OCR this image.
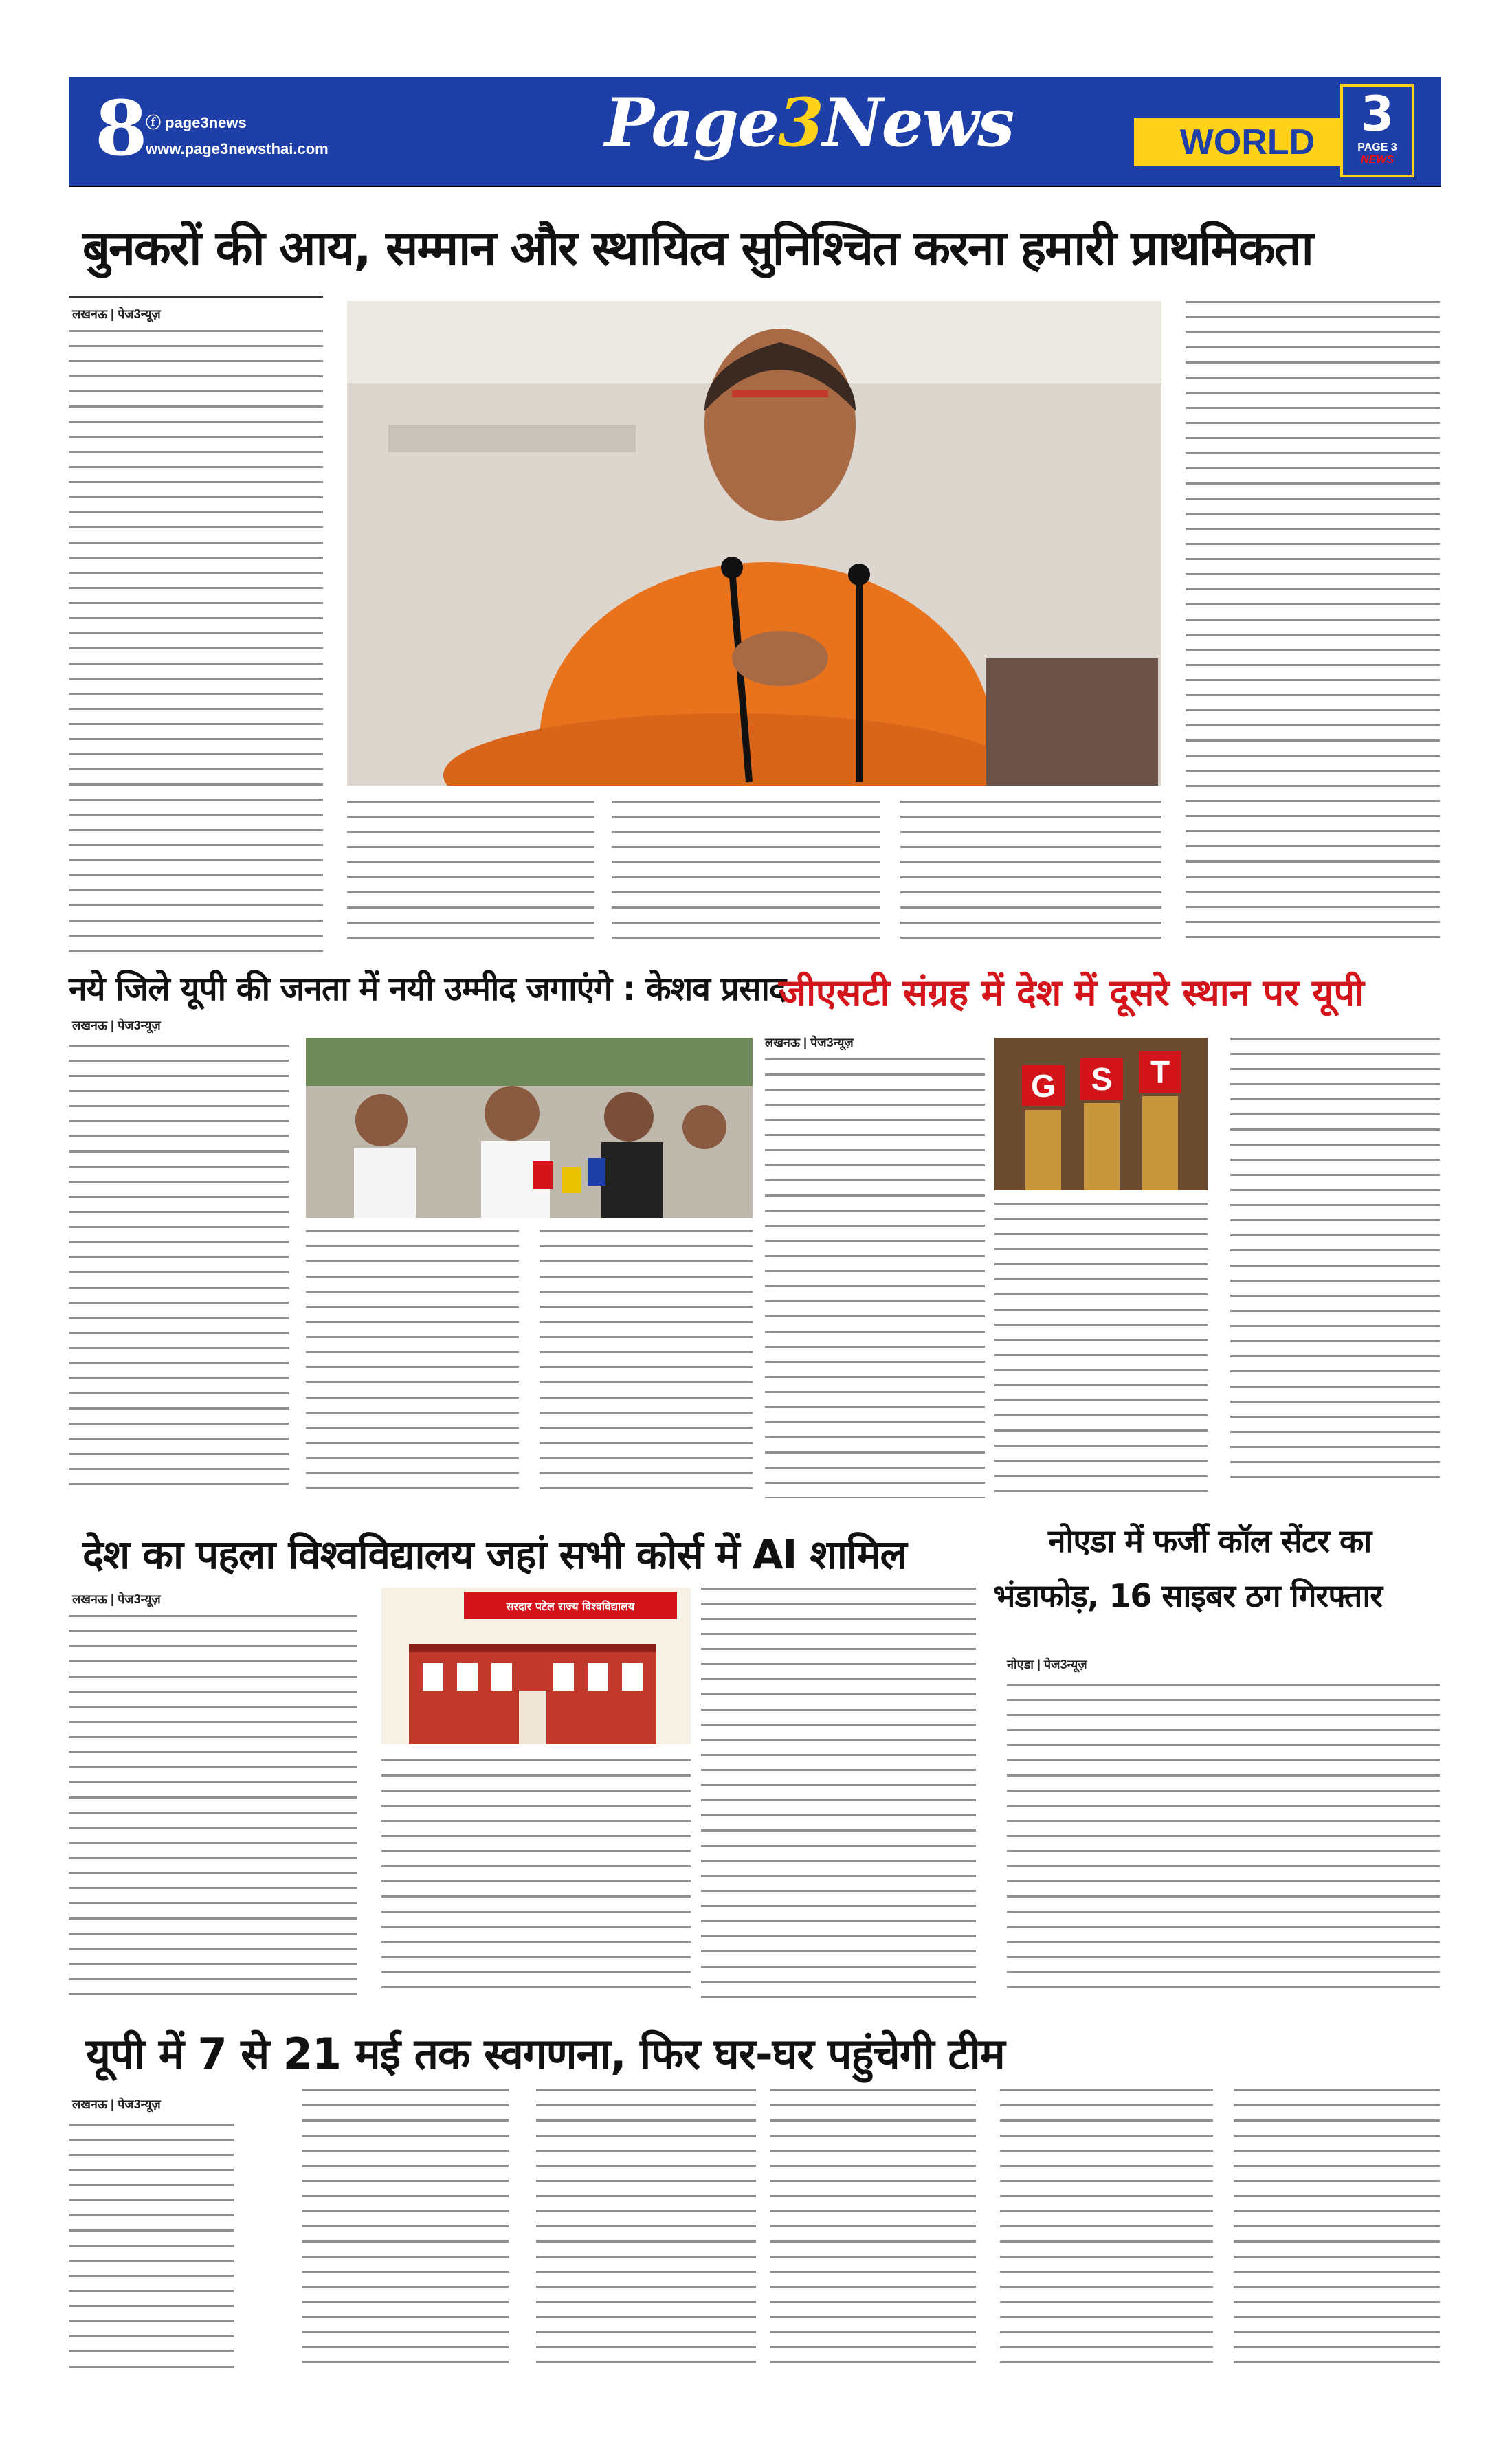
8
ⓕ page3news
www.page3newsthai.com	Page3News	WORLD 3
PAGE 3
NEWS
बुनकरों की आय, सम्मान और स्थायित्व सुनिश्चित करना हमारी प्राथमिकता
लखनऊ | पेज3न्यूज़
नये जिले यूपी की जनता में नयी उम्मीद जगाएंगे : केशव प्रसाद
लखनऊ | पेज3न्यूज़
जीएसटी संग्रह में देश में दूसरे स्थान पर यूपी
लखनऊ | पेज3न्यूज़
G S T
देश का पहला विश्वविद्यालय जहां सभी कोर्स में AI शामिल
लखनऊ | पेज3न्यूज़
सरदार पटेल राज्य विश्वविद्यालय
नोएडा में फर्जी कॉल सेंटर का
भंडाफोड़, 16 साइबर ठग गिरफ्तार
नोएडा | पेज3न्यूज़
यूपी में 7 से 21 मई तक स्वगणना, फिर घर-घर पहुंचेगी टीम
लखनऊ | पेज3न्यूज़
